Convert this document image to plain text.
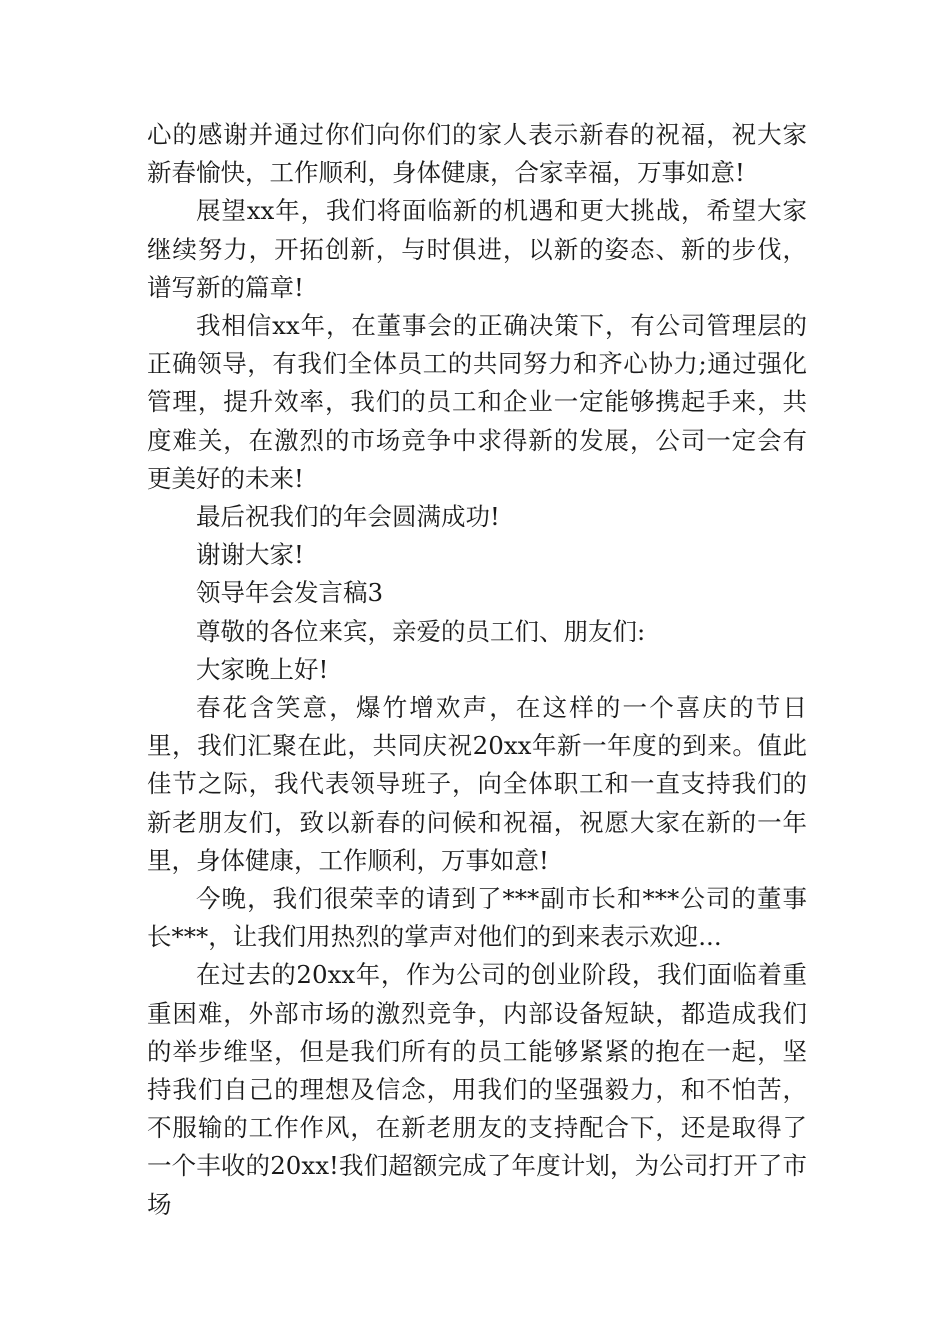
心的感谢并通过你们向你们的家人表示新春的祝福，祝大家新春愉快，工作顺利，身体健康，合家幸福，万事如意!

展望xx年，我们将面临新的机遇和更大挑战，希望大家继续努力，开拓创新，与时俱进，以新的姿态、新的步伐，谱写新的篇章!

我相信xx年，在董事会的正确决策下，有公司管理层的正确领导，有我们全体员工的共同努力和齐心协力;通过强化管理，提升效率，我们的员工和企业一定能够携起手来，共度难关，在激烈的市场竞争中求得新的发展，公司一定会有更美好的未来!

最后祝我们的年会圆满成功!

谢谢大家!

领导年会发言稿3

尊敬的各位来宾，亲爱的员工们、朋友们:

大家晚上好!

春花含笑意，爆竹增欢声，在这样的一个喜庆的节日里，我们汇聚在此，共同庆祝20xx年新一年度的到来。值此佳节之际，我代表领导班子，向全体职工和一直支持我们的新老朋友们，致以新春的问候和祝福，祝愿大家在新的一年里，身体健康，工作顺利，万事如意!

今晚，我们很荣幸的请到了***副市长和***公司的董事长***，让我们用热烈的掌声对他们的到来表示欢迎...

在过去的20xx年，作为公司的创业阶段，我们面临着重重困难，外部市场的激烈竞争，内部设备短缺，都造成我们的举步维坚，但是我们所有的员工能够紧紧的抱在一起，坚持我们自己的理想及信念，用我们的坚强毅力，和不怕苦，不服输的工作作风，在新老朋友的支持配合下，还是取得了一个丰收的20xx!我们超额完成了年度计划，为公司打开了市场
